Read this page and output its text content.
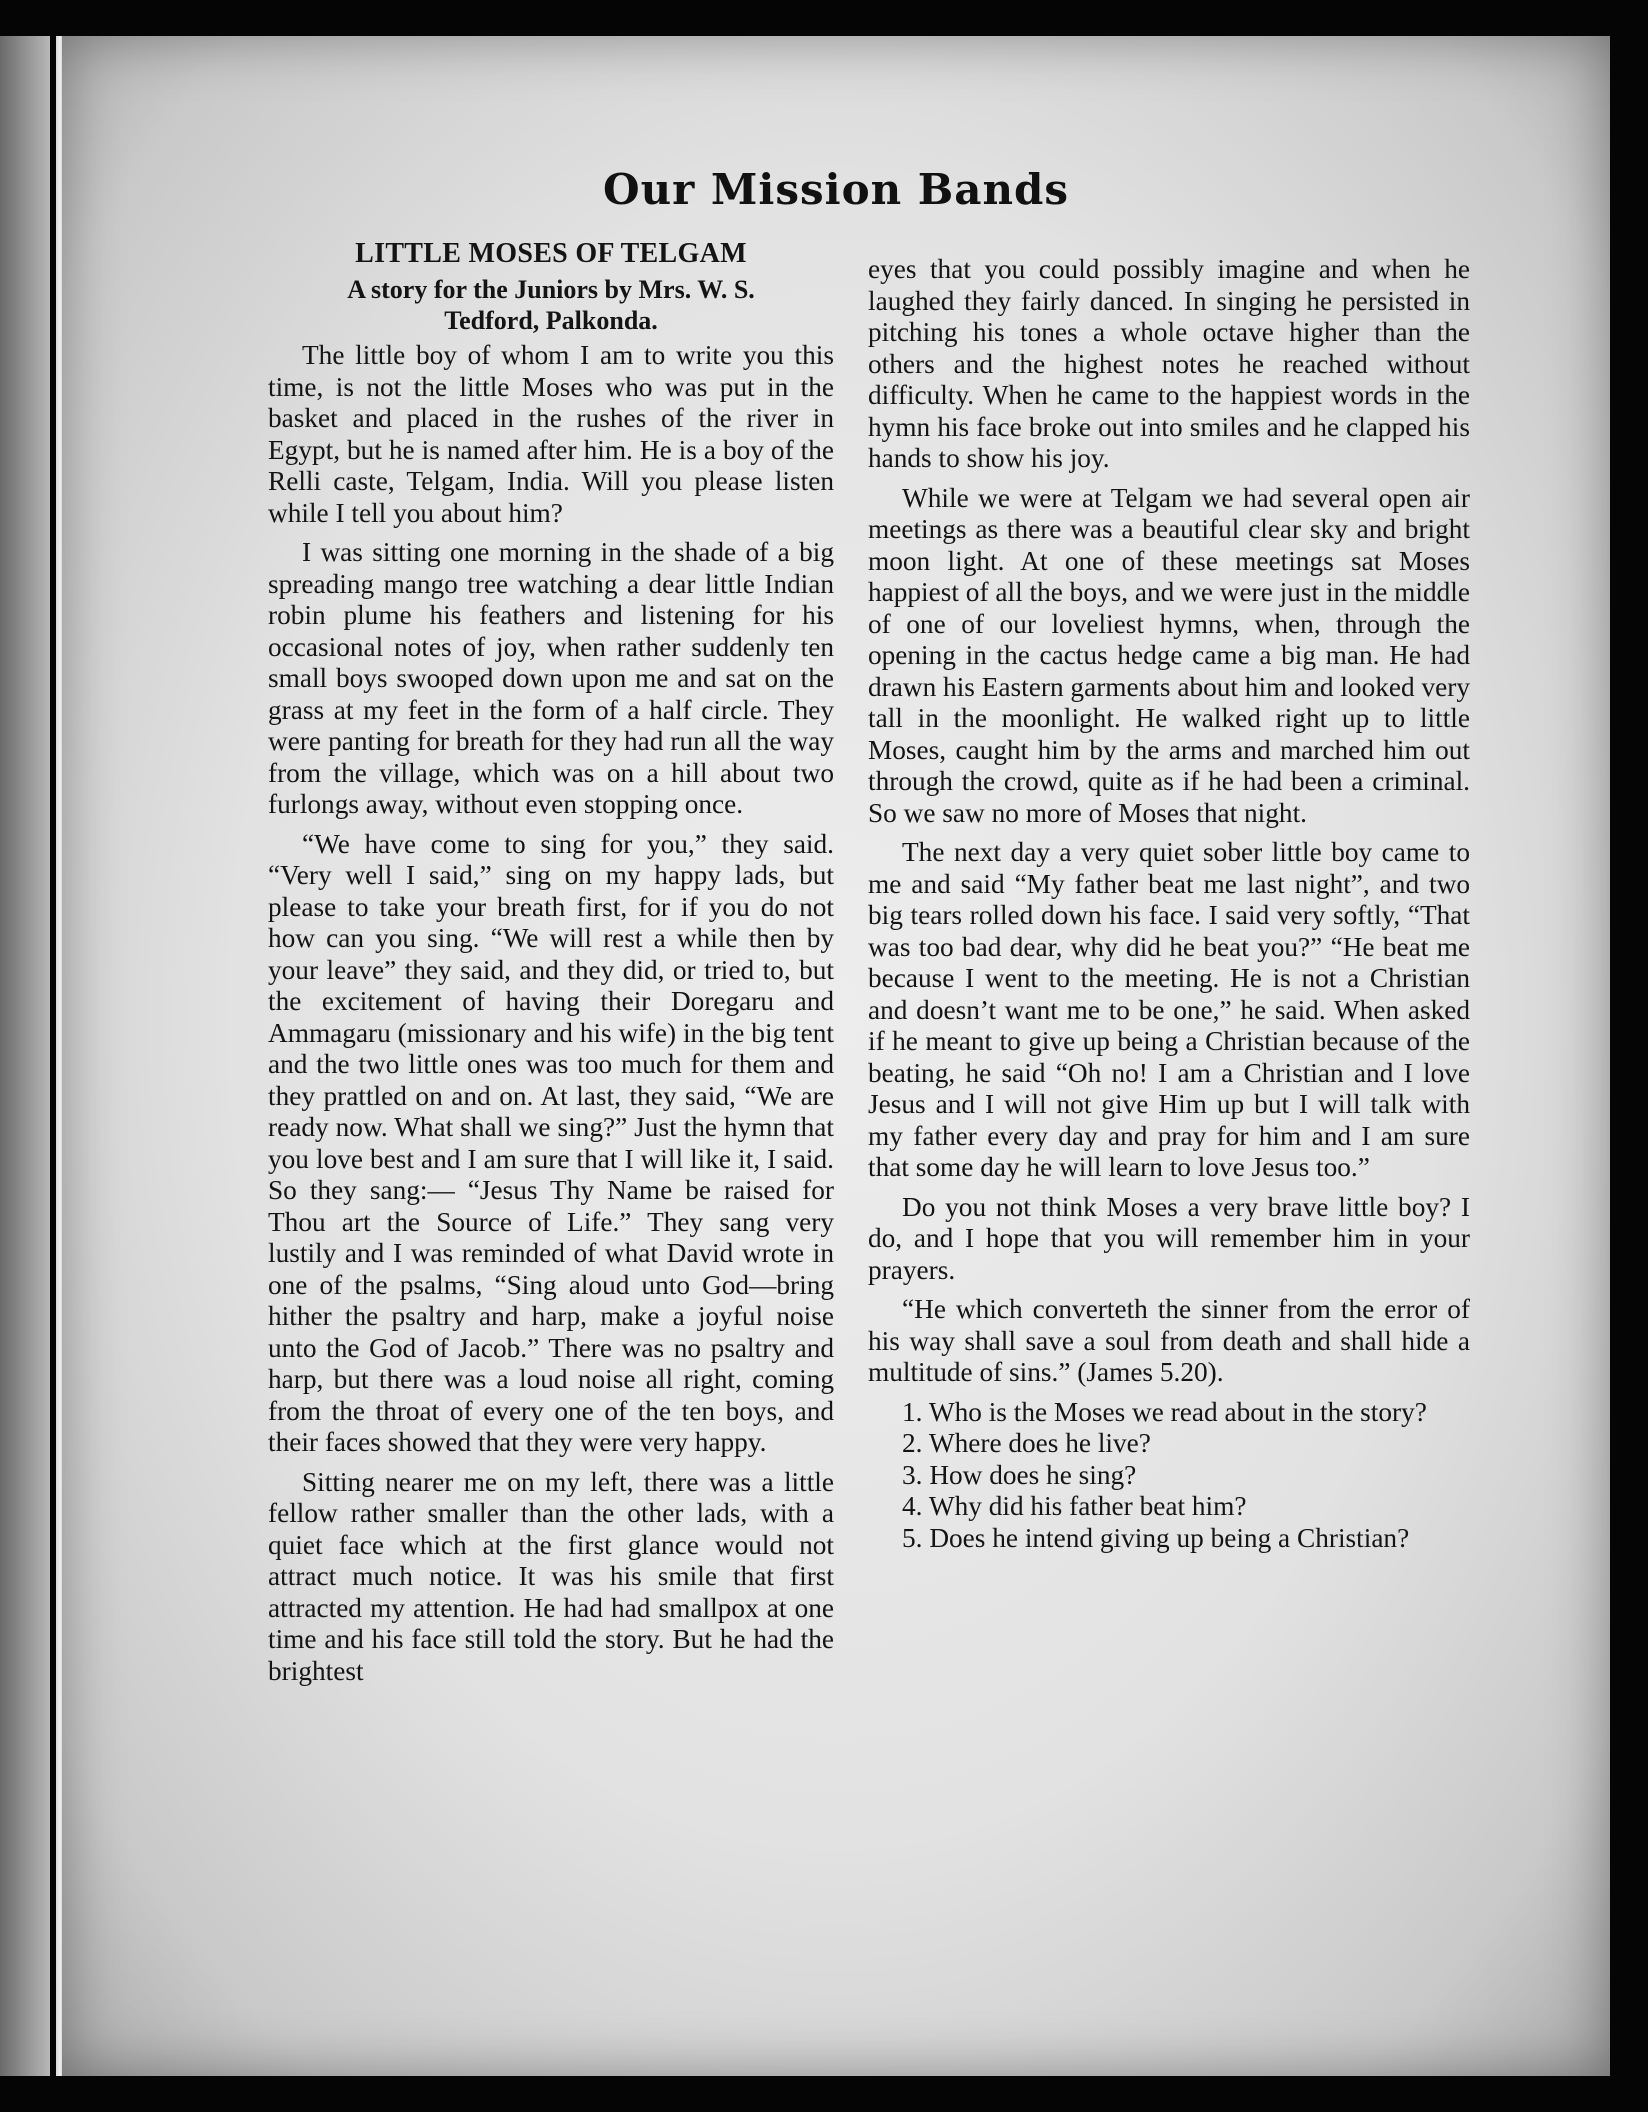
Our Mission Bands
LITTLE MOSES OF TELGAM
A story for the Juniors by Mrs. W. S.
Tedford, Palkonda.

The little boy of whom I am to write you this time, is not the little Moses who was put in the basket and placed in the rushes of the river in Egypt, but he is named after him. He is a boy of the Relli caste, Telgam, India. Will you please listen while I tell you about him?

I was sitting one morning in the shade of a big spreading mango tree watching a dear little Indian robin plume his feathers and listening for his occasional notes of joy, when rather suddenly ten small boys swooped down upon me and sat on the grass at my feet in the form of a half circle. They were panting for breath for they had run all the way from the village, which was on a hill about two furlongs away, without even stopping once.

“We have come to sing for you,” they said. “Very well I said,” sing on my happy lads, but please to take your breath first, for if you do not how can you sing. “We will rest a while then by your leave” they said, and they did, or tried to, but the excitement of having their Doregaru and Ammagaru (missionary and his wife) in the big tent and the two little ones was too much for them and they prattled on and on. At last, they said, “We are ready now. What shall we sing?” Just the hymn that you love best and I am sure that I will like it, I said. So they sang:— “Jesus Thy Name be raised for Thou art the Source of Life.” They sang very lustily and I was reminded of what David wrote in one of the psalms, “Sing aloud unto God—bring hither the psaltry and harp, make a joyful noise unto the God of Jacob.” There was no psaltry and harp, but there was a loud noise all right, coming from the throat of every one of the ten boys, and their faces showed that they were very happy.

Sitting nearer me on my left, there was a little fellow rather smaller than the other lads, with a quiet face which at the first glance would not attract much notice. It was his smile that first attracted my attention. He had had smallpox at one time and his face still told the story. But he had the brightest

eyes that you could possibly imagine and when he laughed they fairly danced. In singing he persisted in pitching his tones a whole octave higher than the others and the highest notes he reached without difficulty. When he came to the happiest words in the hymn his face broke out into smiles and he clapped his hands to show his joy.

While we were at Telgam we had several open air meetings as there was a beautiful clear sky and bright moon light. At one of these meetings sat Moses happiest of all the boys, and we were just in the middle of one of our loveliest hymns, when, through the opening in the cactus hedge came a big man. He had drawn his Eastern garments about him and looked very tall in the moonlight. He walked right up to little Moses, caught him by the arms and marched him out through the crowd, quite as if he had been a criminal. So we saw no more of Moses that night.

The next day a very quiet sober little boy came to me and said “My father beat me last night”, and two big tears rolled down his face. I said very softly, “That was too bad dear, why did he beat you?” “He beat me because I went to the meeting. He is not a Christian and doesn’t want me to be one,” he said. When asked if he meant to give up being a Christian because of the beating, he said “Oh no! I am a Christian and I love Jesus and I will not give Him up but I will talk with my father every day and pray for him and I am sure that some day he will learn to love Jesus too.”

Do you not think Moses a very brave little boy? I do, and I hope that you will remember him in your prayers.

“He which converteth the sinner from the error of his way shall save a soul from death and shall hide a multitude of sins.” (James 5.20).

1. Who is the Moses we read about in the story?
2. Where does he live?
3. How does he sing?
4. Why did his father beat him?
5. Does he intend giving up being a Christian?
